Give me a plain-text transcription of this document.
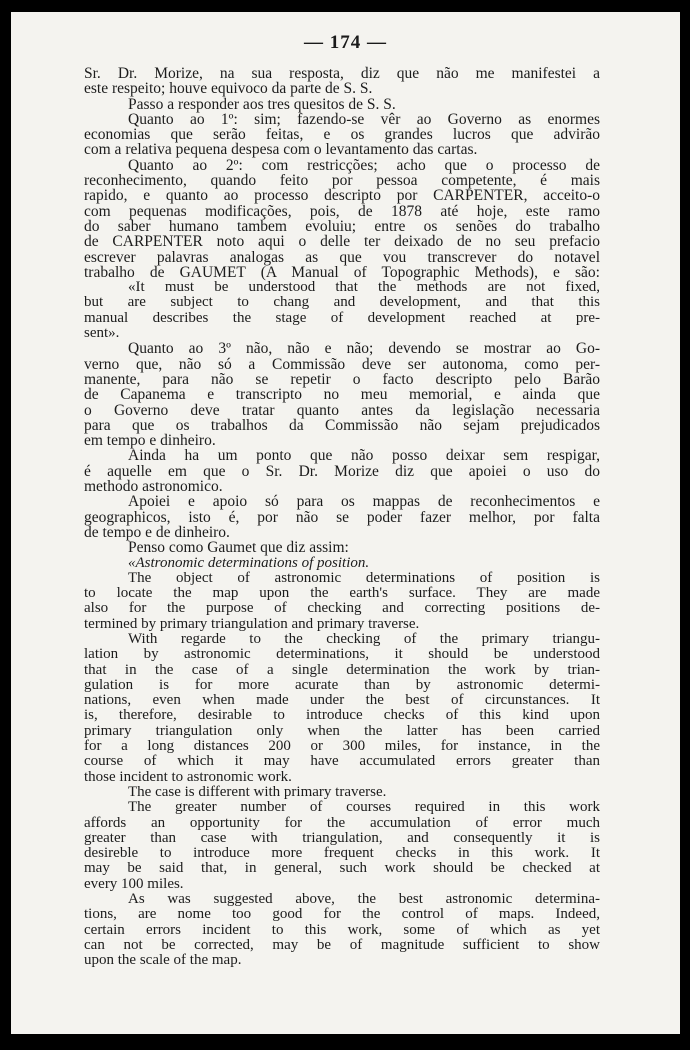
— 174 —
Sr. Dr. Morize, na sua resposta, diz que não me manifestei a
este respeito; houve equivoco da parte de S. S.
Passo a responder aos tres quesitos de S. S.
Quanto ao 1º: sim; fazendo-se vêr ao Governo as enormes
economias que serão feitas, e os grandes lucros que advirão
com a relativa pequena despesa com o levantamento das cartas.
Quanto ao 2º: com restricções; acho que o processo de
reconhecimento, quando feito por pessoa competente, é mais
rapido, e quanto ao processo descripto por CARPENTER, acceito-o
com pequenas modificações, pois, de 1878 até hoje, este ramo
do saber humano tambem evoluiu; entre os senões do trabalho
de CARPENTER noto aqui o delle ter deixado de no seu prefacio
escrever palavras analogas as que vou transcrever do notavel
trabalho de GAUMET (A Manual of Topographic Methods), e são:
«It must be understood that the methods are not fixed,
but are subject to chang and development, and that this
manual describes the stage of development reached at pre-
sent».
Quanto ao 3º não, não e não; devendo se mostrar ao Go-
verno que, não só a Commissão deve ser autonoma, como per-
manente, para não se repetir o facto descripto pelo Barão
de Capanema e transcripto no meu memorial, e ainda que
o Governo deve tratar quanto antes da legislação necessaria
para que os trabalhos da Commissão não sejam prejudicados
em tempo e dinheiro.
Ainda ha um ponto que não posso deixar sem respigar,
é aquelle em que o Sr. Dr. Morize diz que apoiei o uso do
methodo astronomico.
Apoiei e apoio só para os mappas de reconhecimentos e
geographicos, isto é, por não se poder fazer melhor, por falta
de tempo e de dinheiro.
Penso como Gaumet que diz assim:
«Astronomic determinations of position.
The object of astronomic determinations of position is
to locate the map upon the earth's surface. They are made
also for the purpose of checking and correcting positions de-
termined by primary triangulation and primary traverse.
With regarde to the checking of the primary triangu-
lation by astronomic determinations, it should be understood
that in the case of a single determination the work by trian-
gulation is for more acurate than by astronomic determi-
nations, even when made under the best of circunstances. It
is, therefore, desirable to introduce checks of this kind upon
primary triangulation only when the latter has been carried
for a long distances 200 or 300 miles, for instance, in the
course of which it may have accumulated errors greater than
those incident to astronomic work.
The case is different with primary traverse.
The greater number of courses required in this work
affords an opportunity for the accumulation of error much
greater than case with triangulation, and consequently it is
desireble to introduce more frequent checks in this work. It
may be said that, in general, such work should be checked at
every 100 miles.
As was suggested above, the best astronomic determina-
tions, are nome too good for the control of maps. Indeed,
certain errors incident to this work, some of which as yet
can not be corrected, may be of magnitude sufficient to show
upon the scale of the map.
